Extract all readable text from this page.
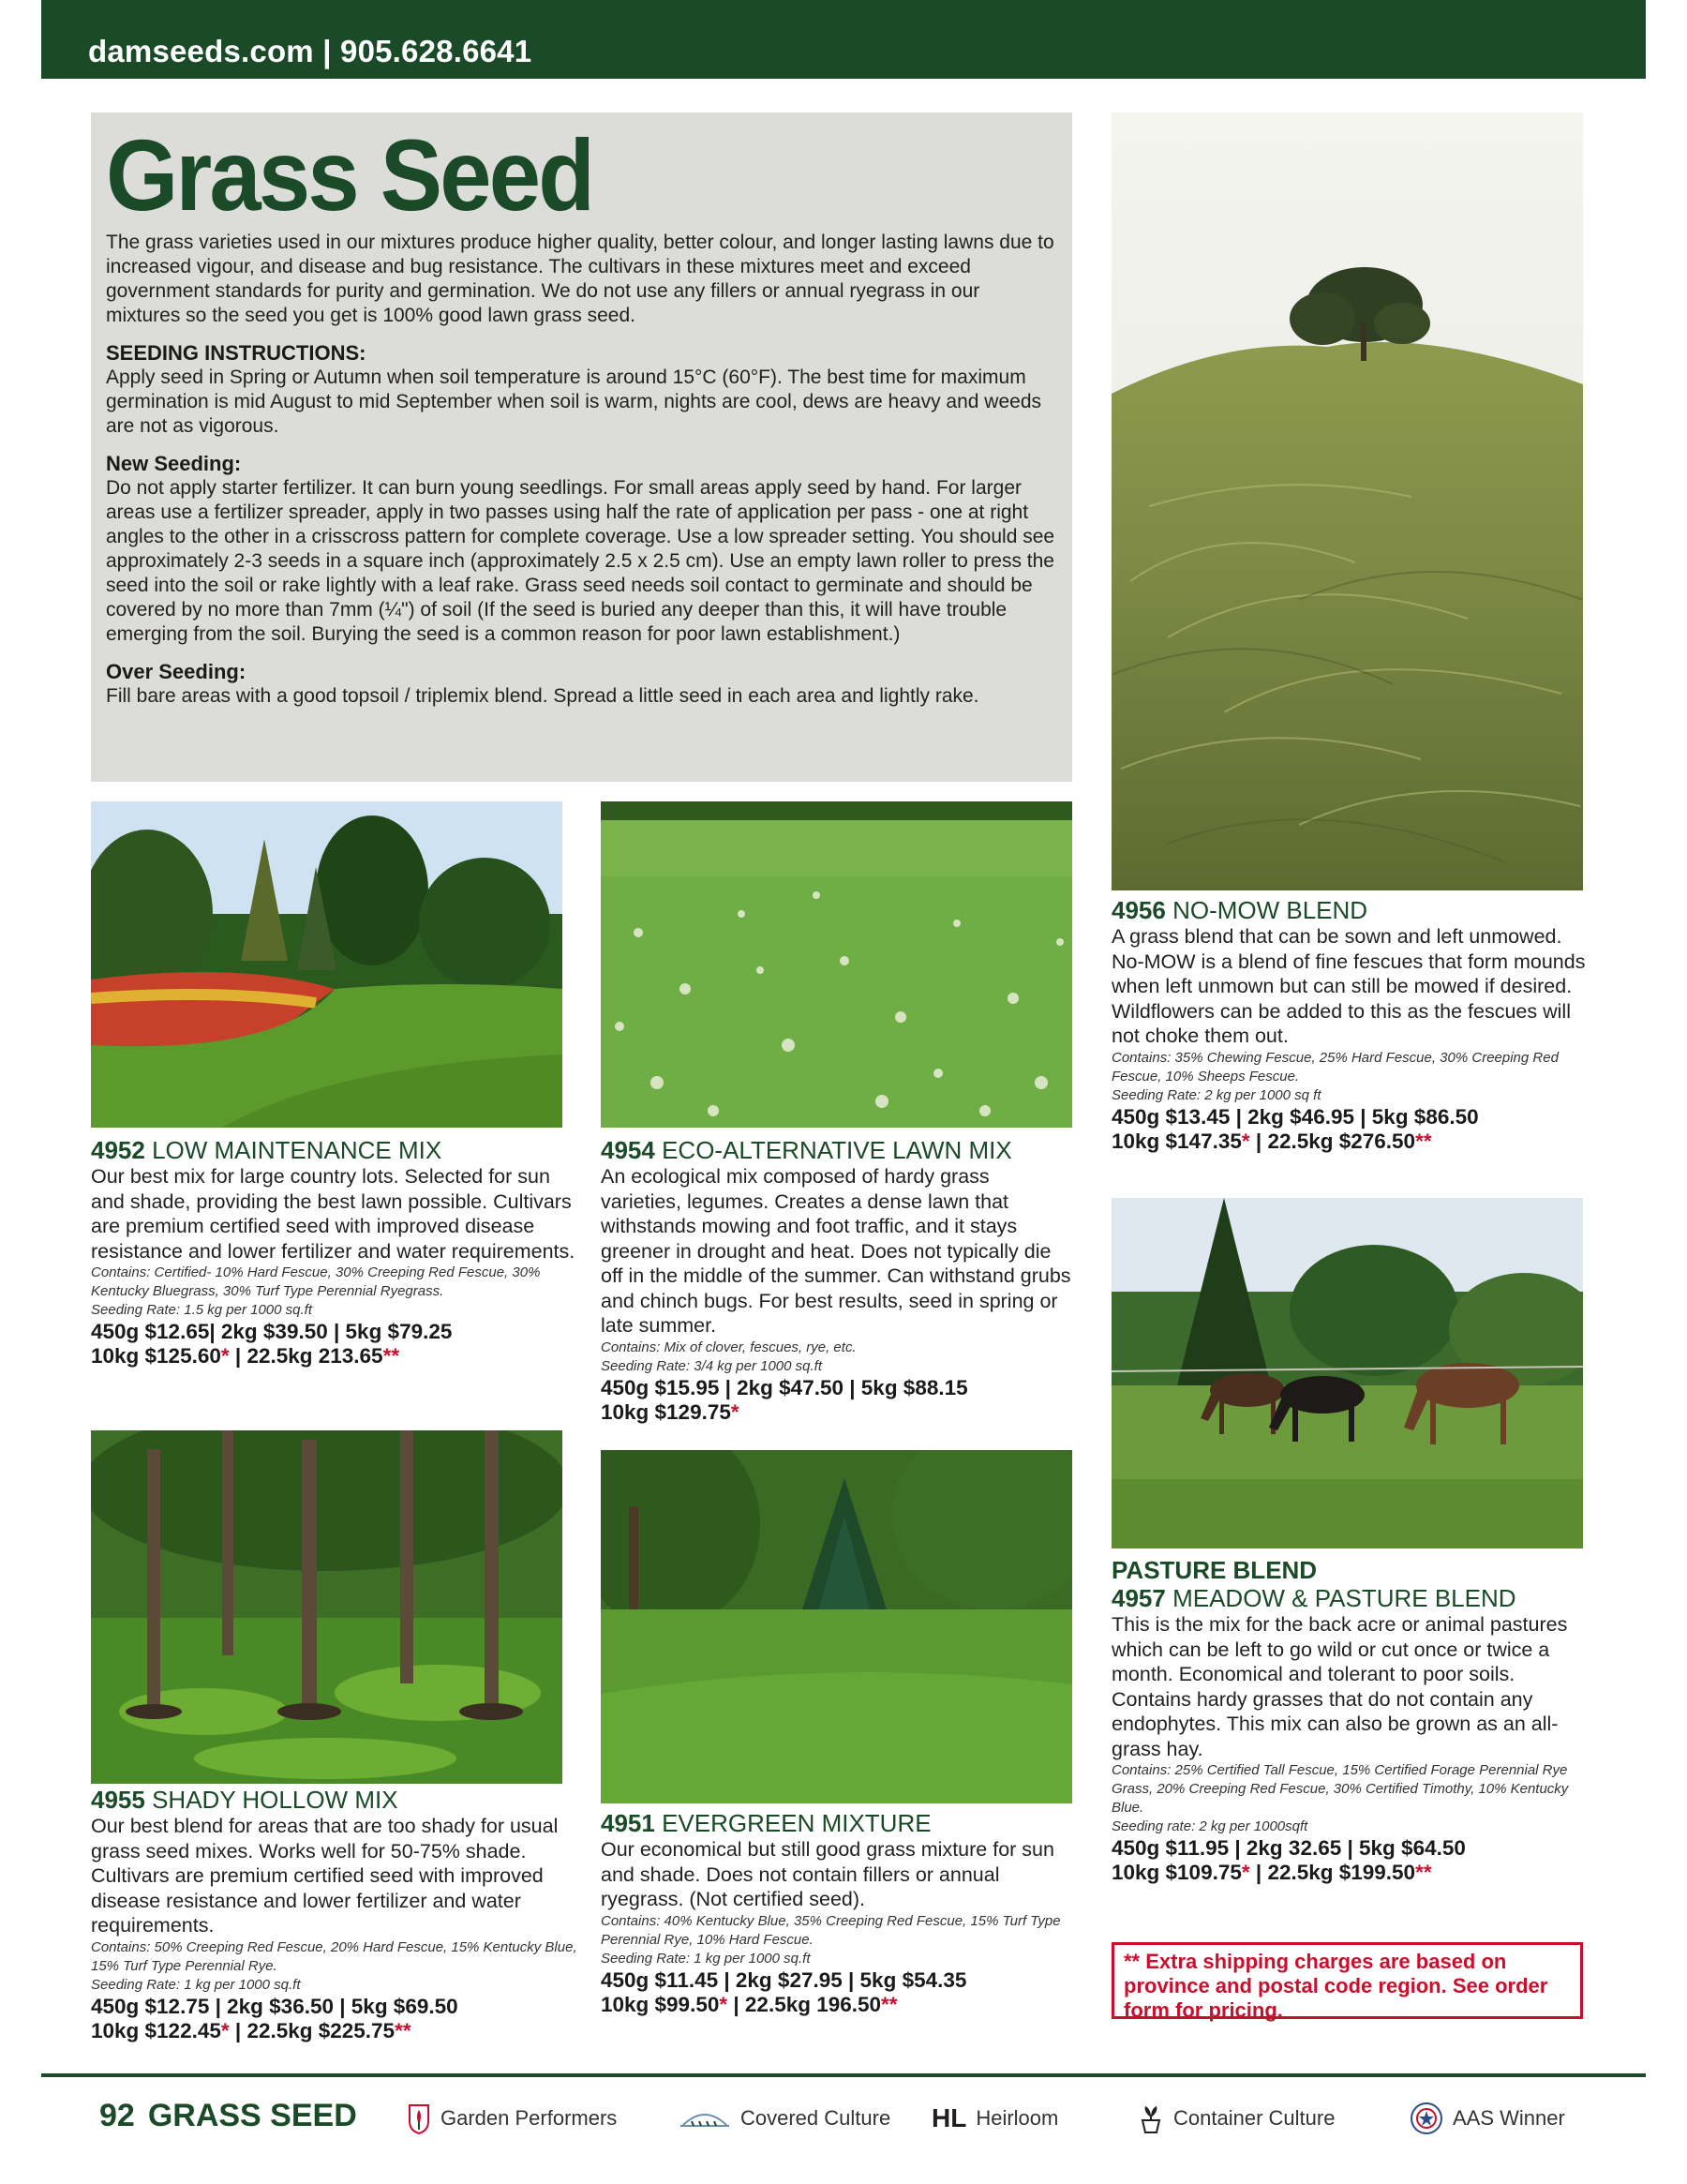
damseeds.com | 905.628.6641
Grass Seed

The grass varieties used in our mixtures produce higher quality, better colour, and longer lasting lawns due to increased vigour, and disease and bug resistance. The cultivars in these mixtures meet and exceed government standards for purity and germination. We do not use any fillers or annual ryegrass in our mixtures so the seed you get is 100% good lawn grass seed.

SEEDING INSTRUCTIONS:

Apply seed in Spring or Autumn when soil temperature is around 15°C (60°F). The best time for maximum germination is mid August to mid September when soil is warm, nights are cool, dews are heavy and weeds are not as vigorous.

New Seeding:

Do not apply starter fertilizer. It can burn young seedlings. For small areas apply seed by hand. For larger areas use a fertilizer spreader, apply in two passes using half the rate of application per pass - one at right angles to the other in a crisscross pattern for complete coverage. Use a low spreader setting. You should see approximately 2-3 seeds in a square inch (approximately 2.5 x 2.5 cm). Use an empty lawn roller to press the seed into the soil or rake lightly with a leaf rake. Grass seed needs soil contact to germinate and should be covered by no more than 7mm (¼") of soil (If the seed is buried any deeper than this, it will have trouble emerging from the soil. Burying the seed is a common reason for poor lawn establishment.)

Over Seeding:

Fill bare areas with a good topsoil / triplemix blend. Spread a little seed in each area and lightly rake.

4956 NO-MOW BLEND

A grass blend that can be sown and left unmowed. No-MOW is a blend of fine fescues that form mounds when left unmown but can still be mowed if desired. Wildflowers can be added to this as the fescues will not choke them out.

Contains: 35% Chewing Fescue, 25% Hard Fescue, 30% Creeping Red Fescue, 10% Sheeps Fescue.

Seeding Rate: 2 kg per 1000 sq ft

450g $13.45 | 2kg $46.95 | 5kg $86.50

10kg $147.35* | 22.5kg $276.50**

4952 LOW MAINTENANCE MIX

Our best mix for large country lots. Selected for sun and shade, providing the best lawn possible. Cultivars are premium certified seed with improved disease resistance and lower fertilizer and water requirements.

Contains: Certified- 10% Hard Fescue, 30% Creeping Red Fescue, 30% Kentucky Bluegrass, 30% Turf Type Perennial Ryegrass.

Seeding Rate: 1.5 kg per 1000 sq.ft

450g $12.65| 2kg $39.50 | 5kg $79.25

10kg $125.60* | 22.5kg 213.65**

4954 ECO-ALTERNATIVE LAWN MIX

An ecological mix composed of hardy grass varieties, legumes. Creates a dense lawn that withstands mowing and foot traffic, and it stays greener in drought and heat. Does not typically die off in the middle of the summer. Can withstand grubs and chinch bugs. For best results, seed in spring or late summer.

Contains: Mix of clover, fescues, rye, etc.

Seeding Rate: 3/4 kg per 1000 sq.ft

450g $15.95 | 2kg $47.50 | 5kg $88.15

10kg $129.75*

PASTURE BLEND
4957 MEADOW & PASTURE BLEND

This is the mix for the back acre or animal pastures which can be left to go wild or cut once or twice a month. Economical and tolerant to poor soils. Contains hardy grasses that do not contain any endophytes. This mix can also be grown as an all-grass hay.

Contains: 25% Certified Tall Fescue, 15% Certified Forage Perennial Rye Grass, 20% Creeping Red Fescue, 30% Certified Timothy, 10% Kentucky Blue.

Seeding rate: 2 kg per 1000sqft

450g $11.95 | 2kg 32.65 | 5kg $64.50

10kg $109.75* | 22.5kg $199.50**

4955 SHADY HOLLOW MIX

Our best blend for areas that are too shady for usual grass seed mixes. Works well for 50-75% shade. Cultivars are premium certified seed with improved disease resistance and lower fertilizer and water requirements.

Contains: 50% Creeping Red Fescue, 20% Hard Fescue, 15% Kentucky Blue, 15% Turf Type Perennial Rye.

Seeding Rate: 1 kg per 1000 sq.ft

450g $12.75 | 2kg $36.50 | 5kg $69.50

10kg $122.45* | 22.5kg $225.75**

4951 EVERGREEN MIXTURE

Our economical but still good grass mixture for sun and shade. Does not contain fillers or annual ryegrass. (Not certified seed).

Contains: 40% Kentucky Blue, 35% Creeping Red Fescue, 15% Turf Type Perennial Rye, 10% Hard Fescue.

Seeding Rate: 1 kg per 1000 sq.ft

450g $11.45 | 2kg $27.95 | 5kg $54.35

10kg $99.50* | 22.5kg 196.50**

** Extra shipping charges are based on province and postal code region. See order form for pricing.
92 GRASS SEED	Garden Performers	Covered Culture HL Heirloom	Container Culture	AAS Winner
